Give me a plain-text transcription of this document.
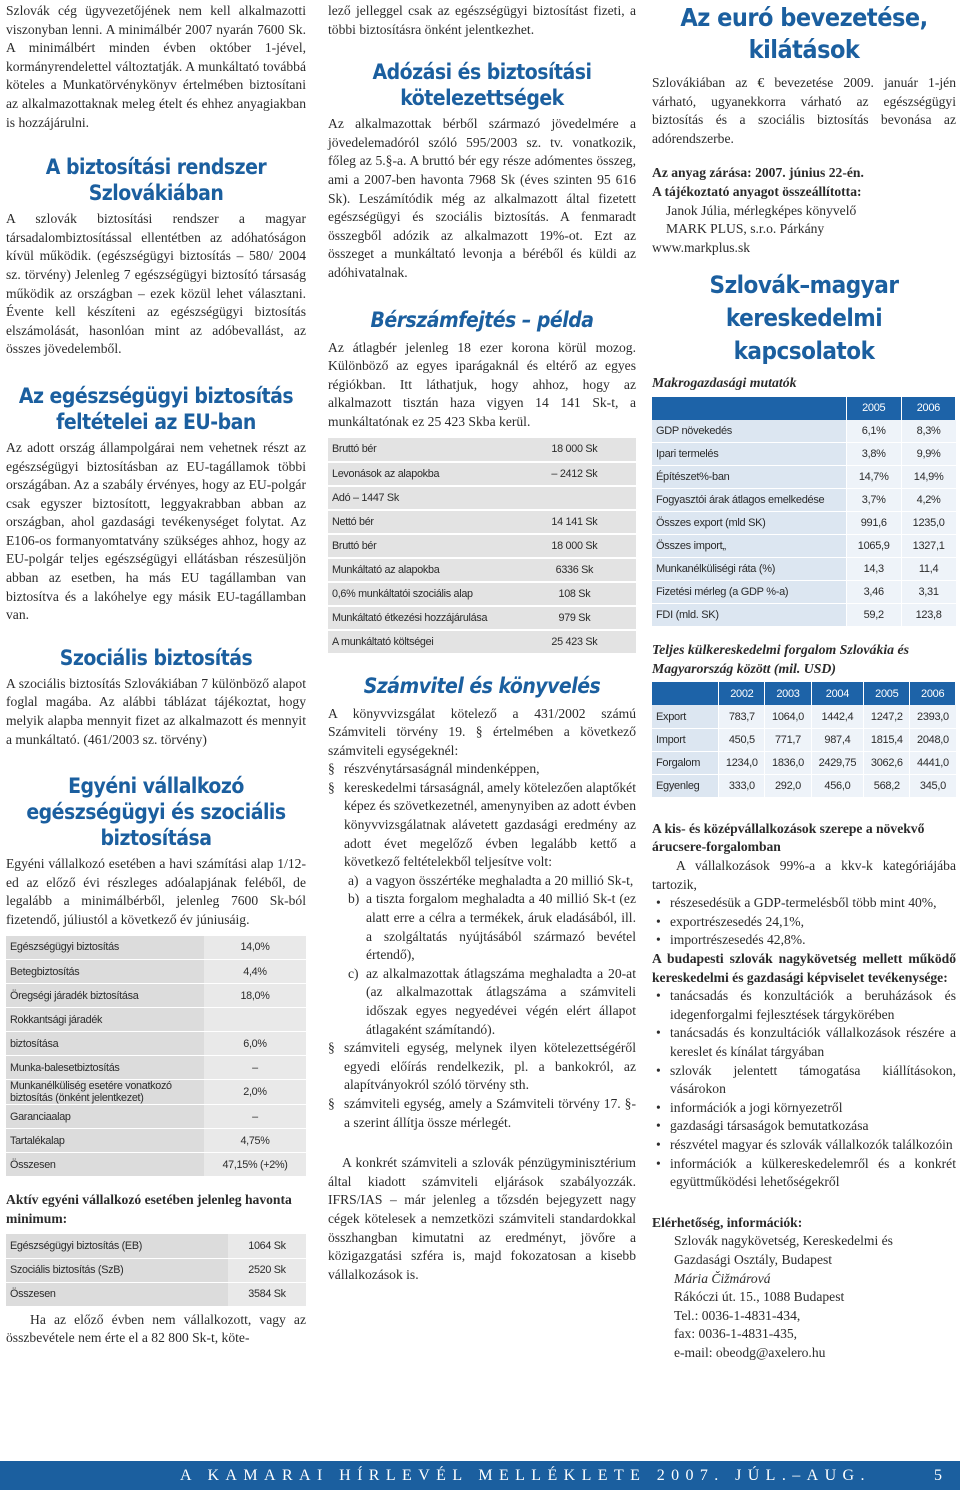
Szlovák cég ügyvezetőjének nem kell alkalmazotti viszonyban lenni. A minimálbér 2007 nyarán 7600 Sk. A minimálbért minden évben október 1-jével, kormányrendelettel változtatják. A munkáltató továbbá köteles a Munkatörvénykönyv értelmében biztosítani az alkalmazottaknak meleg ételt és ehhez anyagiakban is hozzájárulni.

A biztosítási rendszer Szlovákiában

A szlovák biztosítási rendszer a magyar társadalombiztosítással ellentétben az adóhatóságon kívül működik. (egészségügyi biztosítás – 580/ 2004 sz. törvény) Jelenleg 7 egészségügyi biztosító társaság működik az országban – ezek közül lehet választani. Évente kell készíteni az egészségügyi biztosítás elszámolását, hasonlóan mint az adóbevallást, az összes jövedelemből.

Az egészségügyi biztosítás feltételei az EU-ban

Az adott ország állampolgárai nem vehetnek részt az egészségügyi biztosításban az EU-tagállamok többi országában. Az a szabály érvényes, hogy az EU-polgár csak egyszer biztosított, leggyakrabban abban az országban, ahol gazdasági tevékenységet folytat. Az E106-os formanyomtatvány szükséges ahhoz, hogy az EU-polgár teljes egészségügyi ellátásban részesüljön abban az esetben, ha más EU tagállamban van biztosítva és a lakóhelye egy másik EU-tagállamban van.

Szociális biztosítás

A szociális biztosítás Szlovákiában 7 különböző alapot foglal magába. Az alábbi táblázat tájékoztat, hogy melyik alapba mennyit fizet az alkalmazott és mennyit a munkáltató. (461/2003 sz. törvény)

Egyéni vállalkozó egészségügyi és szociális biztosítása

Egyéni vállalkozó esetében a havi számítási alap 1/12-ed az előző évi részleges adóalapjának feléből, de legalább a minimálbérből, jelenleg 7600 Sk-ból fizetendő, júliustól a következő év júniusáig.

Egészségügyi biztosítás	14,0%
Betegbiztosítás	4,4%
Öregségi járadék biztosítása	18,0%
Rokkantsági járadék	
biztosítása	6,0%
Munka-balesetbiztosítás	–
Munkanélküliség esetére vonatkozó biztosítás (önként jelentkezet)	2,0%
Garanciaalap	–
Tartalékalap	4,75%
Összesen	47,15% (+2%)
Aktív egyéni vállalkozó esetében jelenleg havonta minimum:
Egészségügyi biztosítás (EB)	1064 Sk
Szociális biztosítás (SzB)	2520 Sk
Összesen	3584 Sk

Ha az előző évben nem vállalkozott, vagy az összbevétele nem érte el a 82 800 Sk-t, köte-

lező jelleggel csak az egészségügyi biztosítást fizeti, a többi biztosításra önként jelentkezhet.

Adózási és biztosítási kötelezettségek

Az alkalmazottak bérből származó jövedelmére a jövedelemadóról szóló 595/2003 sz. tv. vonatkozik, főleg az 5.§-a. A bruttó bér egy része adómentes összeg, ami a 2007-ben havonta 7968 Sk (éves szinten 95 616 Sk). Leszámítódik még az alkalmazott által fizetett egészségügyi és szociális biztosítás. A fenmaradt összegből adózik az alkalmazott 19%-ot. Ezt az összeget a munkáltató levonja a béréből és küldi az adóhivatalnak.

Bérszámfejtés – példa

Az átlagbér jelenleg 18 ezer korona körül mozog. Különböző az egyes iparágaknál és eltérő az egyes régiókban. Itt láthatjuk, hogy ahhoz, hogy az alkalmazott tisztán haza vigyen 14 141 Sk-t, a munkáltatónak ez 25 423 Skba kerül.

Bruttó bér	18 000 Sk
Levonások az alapokba	– 2412 Sk
Adó – 1447 Sk	
Nettó bér	14 141 Sk
Bruttó bér	18 000 Sk
Munkáltató az alapokba	6336 Sk
0,6% munkáltatói szociális alap	108 Sk
Munkáltató étkezési hozzájárulása	979 Sk
A munkáltató költségei	25 423 Sk
Számvitel és könyvelés

A könyvvizsgálat kötelező a 431/2002 számú Számviteli törvény 19. § értelmében a következő számviteli egységeknél:

§ részvénytársaságnál mindenképpen,
§ kereskedelmi társaságnál, amely kötelezően alaptőkét képez és szövetkezetnél, amenynyiben az adott évben könyvvizsgálatnak alávetett gazdasági eredmény az adott évet megelőző évben legalább kettő a következő feltételekből teljesítve volt:
a) a vagyon összértéke meghaladta a 20 millió Sk-t,
b) a tiszta forgalom meghaladta a 40 millió Sk-t (ez alatt erre a célra a termékek, áruk eladásából, ill. a szolgáltatás nyújtásából származó bevétel értendő),
c) az alkalmazottak átlagszáma meghaladta a 20-at (az alkalmazottak átlagszáma a számviteli időszak egyes negyedévei végén elért állapot átlagaként számítandó).
§ számviteli egység, melynek ilyen kötelezettségéről egyedi előírás rendelkezik, pl. a bankokról, az alapítványokról szóló törvény sth.
§ számviteli egység, amely a Számviteli törvény 17. §-a szerint állítja össze mérlegét.

A konkrét számviteli a szlovák pénzügyminisztérium által kiadott számviteli eljárások szabályozzák. IFRS/IAS – már jelenleg a tőzsdén bejegyzett nagy cégek kötelesek a nemzetközi számviteli standardokkal összhangban kimutatni az eredményt, jövőre a közigazgatási szféra is, majd fokozatosan a kisebb vállalkozások is.

Az euró bevezetése, kilátások

Szlovákiában az € bevezetése 2009. január 1-jén várható, ugyanekkorra várható az egészségügyi biztosítás és a szociális biztosítás bevonása az adórendszerbe.

Az anyag zárása: 2007. június 22-én.
A tájékoztató anyagot összeállította:

Janok Júlia, mérlegképes könyvelő

MARK PLUS, s.r.o. Párkány

www.markplus.sk

Szlovák–magyar kereskedelmi kapcsolatok
Makrogazdasági mutatók
	2005	2006
GDP növekedés	6,1%	8,3%
Ipari termelés	3,8%	9,9%
Építészet%-ban	14,7%	14,9%
Fogyasztói árak átlagos emelkedése	3,7%	4,2%
Összes export (mld SK)	991,6	1235,0
Összes import„	1065,9	1327,1
Munkanélküliségi ráta (%)	14,3	11,4
Fizetési mérleg (a GDP %-a)	3,46	3,31
FDI (mld. SK)	59,2	123,8
Teljes külkereskedelmi forgalom Szlovákia és Magyarország között (mil. USD)
	2002	2003	2004	2005	2006
Export	783,7	1064,0	1442,4	1247,2	2393,0
Import	450,5	771,7	987,4	1815,4	2048,0
Forgalom	1234,0	1836,0	2429,75	3062,6	4441,0
Egyenleg	333,0	292,0	456,0	568,2	345,0
A kis- és középvállalkozások szerepe a növekvő árucsere-forgalomban

A vállalkozások 99%-a a kkv-k kategóriájába tartozik,

• részesedésük a GDP-termelésből több mint 40%,
• exportrészesedés 24,1%,
• importrészesedés 42,8%.
A budapesti szlovák nagykövetség mellett működő kereskedelmi és gazdasági képviselet tevékenysége:
• tanácsadás és konzultációk a beruházások és idegenforgalmi fejlesztések tárgykörében
• tanácsadás és konzultációk vállalkozások részére a kereslet és kínálat tárgyában
• szlovák jelentett támogatása kiállításokon, vásárokon
• információk a jogi környezetről
• gazdasági társaságok bemutatkozása
• részvétel magyar és szlovák vállalkozók találkozóin
• információk a külkereskedelemről és a konkrét együttműködési lehetőségekről
Elérhetőség, információk:
Szlovák nagykövetség, Kereskedelmi és
Gazdasági Osztály, Budapest
Mária Čižmárová
Rákóczi út. 15., 1088 Budapest
Tel.: 0036-1-4831-434,
fax: 0036-1-4831-435,
e-mail: obeodg@axelero.hu
A KAMARAI HÍRLEVÉL MELLÉKLETE 2007. JÚL.–AUG.	5
